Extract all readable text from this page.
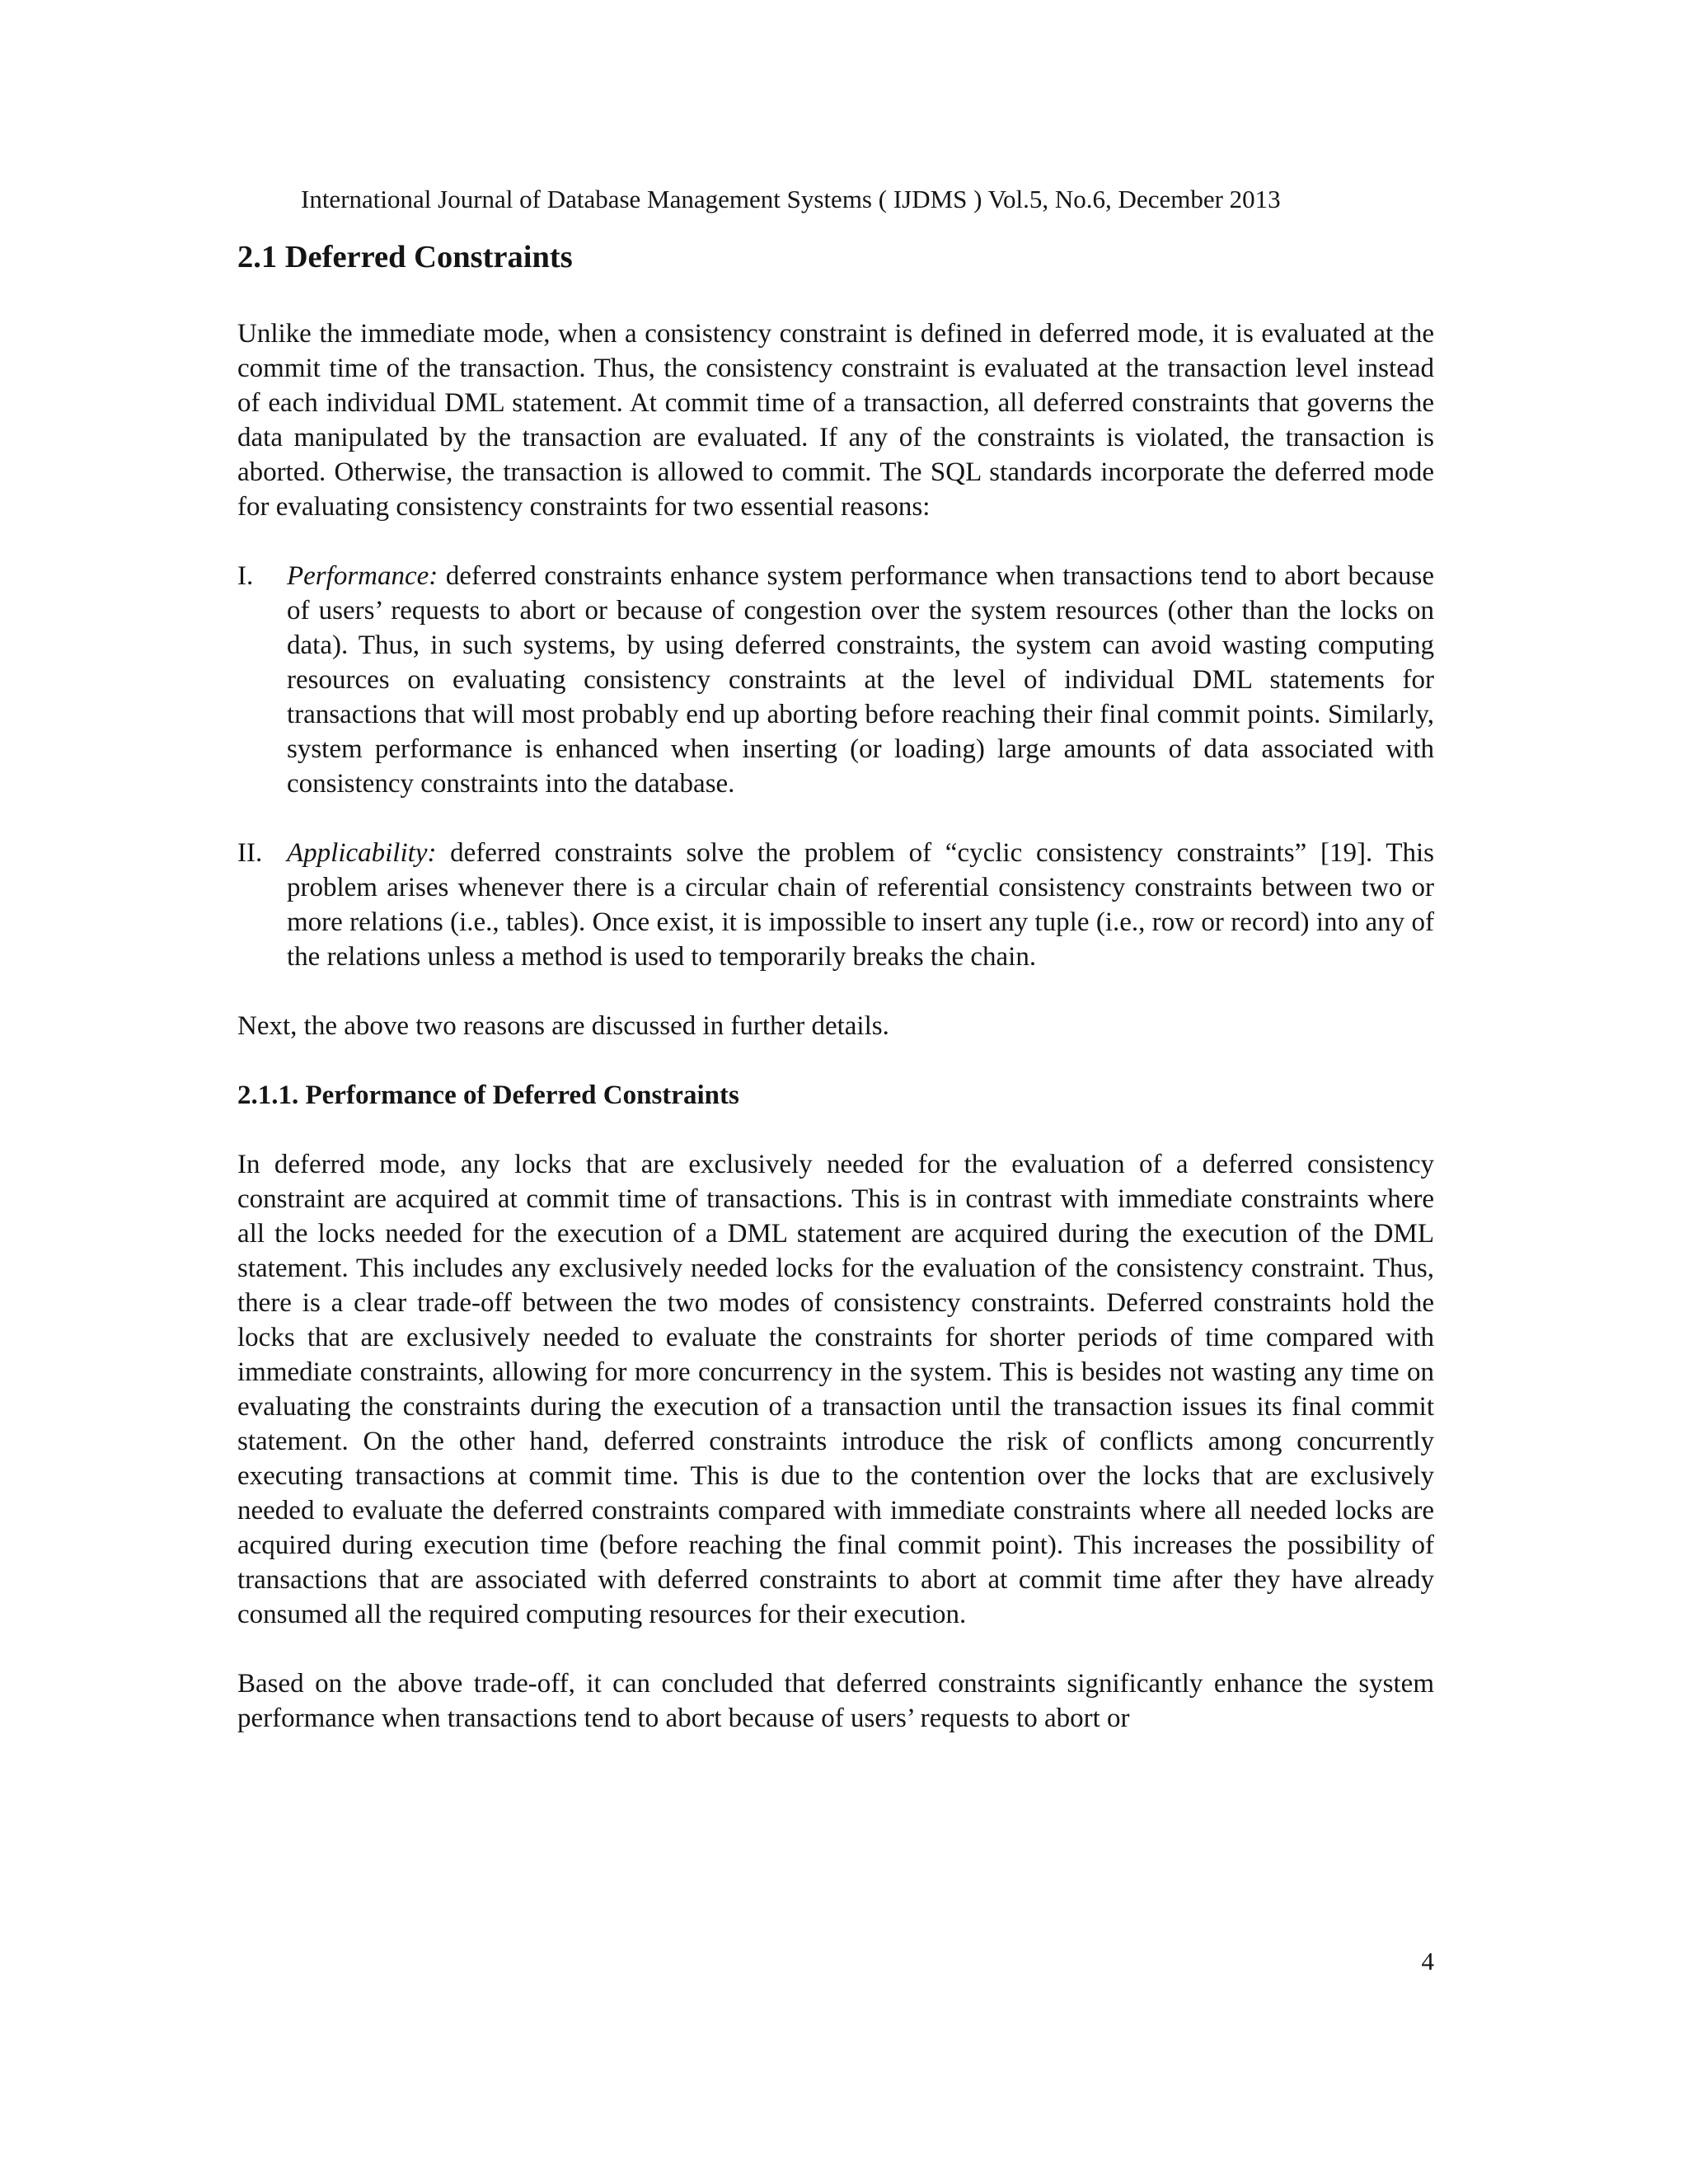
International Journal of Database Management Systems ( IJDMS ) Vol.5, No.6, December 2013
2.1 Deferred Constraints

Unlike the immediate mode, when a consistency constraint is defined in deferred mode, it is evaluated at the commit time of the transaction. Thus, the consistency constraint is evaluated at the transaction level instead of each individual DML statement. At commit time of a transaction, all deferred constraints that governs the data manipulated by the transaction are evaluated. If any of the constraints is violated, the transaction is aborted. Otherwise, the transaction is allowed to commit. The SQL standards incorporate the deferred mode for evaluating consistency constraints for two essential reasons:

I. Performance: deferred constraints enhance system performance when transactions tend to abort because of users’ requests to abort or because of congestion over the system resources (other than the locks on data). Thus, in such systems, by using deferred constraints, the system can avoid wasting computing resources on evaluating consistency constraints at the level of individual DML statements for transactions that will most probably end up aborting before reaching their final commit points. Similarly, system performance is enhanced when inserting (or loading) large amounts of data associated with consistency constraints into the database.
II. Applicability: deferred constraints solve the problem of “cyclic consistency constraints” [19]. This problem arises whenever there is a circular chain of referential consistency constraints between two or more relations (i.e., tables). Once exist, it is impossible to insert any tuple (i.e., row or record) into any of the relations unless a method is used to temporarily breaks the chain.

Next, the above two reasons are discussed in further details.

2.1.1. Performance of Deferred Constraints

In deferred mode, any locks that are exclusively needed for the evaluation of a deferred consistency constraint are acquired at commit time of transactions. This is in contrast with immediate constraints where all the locks needed for the execution of a DML statement are acquired during the execution of the DML statement. This includes any exclusively needed locks for the evaluation of the consistency constraint. Thus, there is a clear trade-off between the two modes of consistency constraints. Deferred constraints hold the locks that are exclusively needed to evaluate the constraints for shorter periods of time compared with immediate constraints, allowing for more concurrency in the system. This is besides not wasting any time on evaluating the constraints during the execution of a transaction until the transaction issues its final commit statement. On the other hand, deferred constraints introduce the risk of conflicts among concurrently executing transactions at commit time. This is due to the contention over the locks that are exclusively needed to evaluate the deferred constraints compared with immediate constraints where all needed locks are acquired during execution time (before reaching the final commit point). This increases the possibility of transactions that are associated with deferred constraints to abort at commit time after they have already consumed all the required computing resources for their execution.

Based on the above trade-off, it can concluded that deferred constraints significantly enhance the system performance when transactions tend to abort because of users’ requests to abort or

4
